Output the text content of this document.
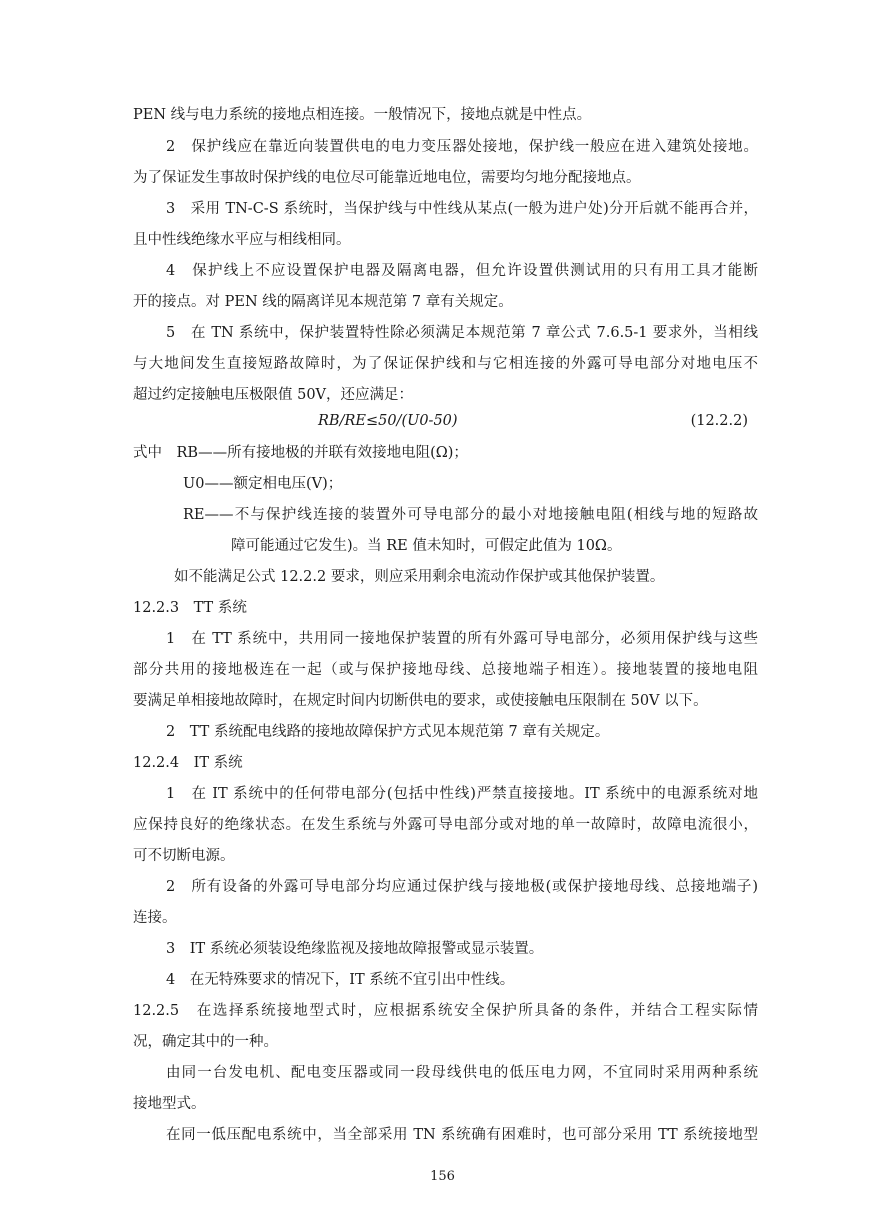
PEN 线与电力系统的接地点相连接。一般情况下，接地点就是中性点。
2　保护线应在靠近向装置供电的电力变压器处接地，保护线一般应在进入建筑处接地。
为了保证发生事故时保护线的电位尽可能靠近地电位，需要均匀地分配接地点。
3　采用 TN-C-S 系统时，当保护线与中性线从某点(一般为进户处)分开后就不能再合并，
且中性线绝缘水平应与相线相同。
4　保护线上不应设置保护电器及隔离电器，但允许设置供测试用的只有用工具才能断
开的接点。对 PEN 线的隔离详见本规范第 7 章有关规定。
5　在 TN 系统中，保护装置特性除必须满足本规范第 7 章公式 7.6.5-1 要求外，当相线
与大地间发生直接短路故障时，为了保证保护线和与它相连接的外露可导电部分对地电压不
超过约定接触电压极限值 50V，还应满足：
RB/RE≤50/(U0-50)	(12.2.2)
式中　RB——所有接地极的并联有效接地电阻(Ω)；
U0——额定相电压(V)；
RE——不与保护线连接的装置外可导电部分的最小对地接触电阻(相线与地的短路故
障可能通过它发生)。当 RE 值未知时，可假定此值为 10Ω。
如不能满足公式 12.2.2 要求，则应采用剩余电流动作保护或其他保护装置。
12.2.3　TT 系统
1　在 TT 系统中，共用同一接地保护装置的所有外露可导电部分，必须用保护线与这些
部分共用的接地极连在一起（或与保护接地母线、总接地端子相连）。接地装置的接地电阻
要满足单相接地故障时，在规定时间内切断供电的要求，或使接触电压限制在 50V 以下。
2　TT 系统配电线路的接地故障保护方式见本规范第 7 章有关规定。
12.2.4　IT 系统
1　在 IT 系统中的任何带电部分(包括中性线)严禁直接接地。IT 系统中的电源系统对地
应保持良好的绝缘状态。在发生系统与外露可导电部分或对地的单一故障时，故障电流很小，
可不切断电源。
2　所有设备的外露可导电部分均应通过保护线与接地极(或保护接地母线、总接地端子)
连接。
3　IT 系统必须装设绝缘监视及接地故障报警或显示装置。
4　在无特殊要求的情况下，IT 系统不宜引出中性线。
12.2.5　在选择系统接地型式时，应根据系统安全保护所具备的条件，并结合工程实际情
况，确定其中的一种。
由同一台发电机、配电变压器或同一段母线供电的低压电力网，不宜同时采用两种系统
接地型式。
在同一低压配电系统中，当全部采用 TN 系统确有困难时，也可部分采用 TT 系统接地型
156
